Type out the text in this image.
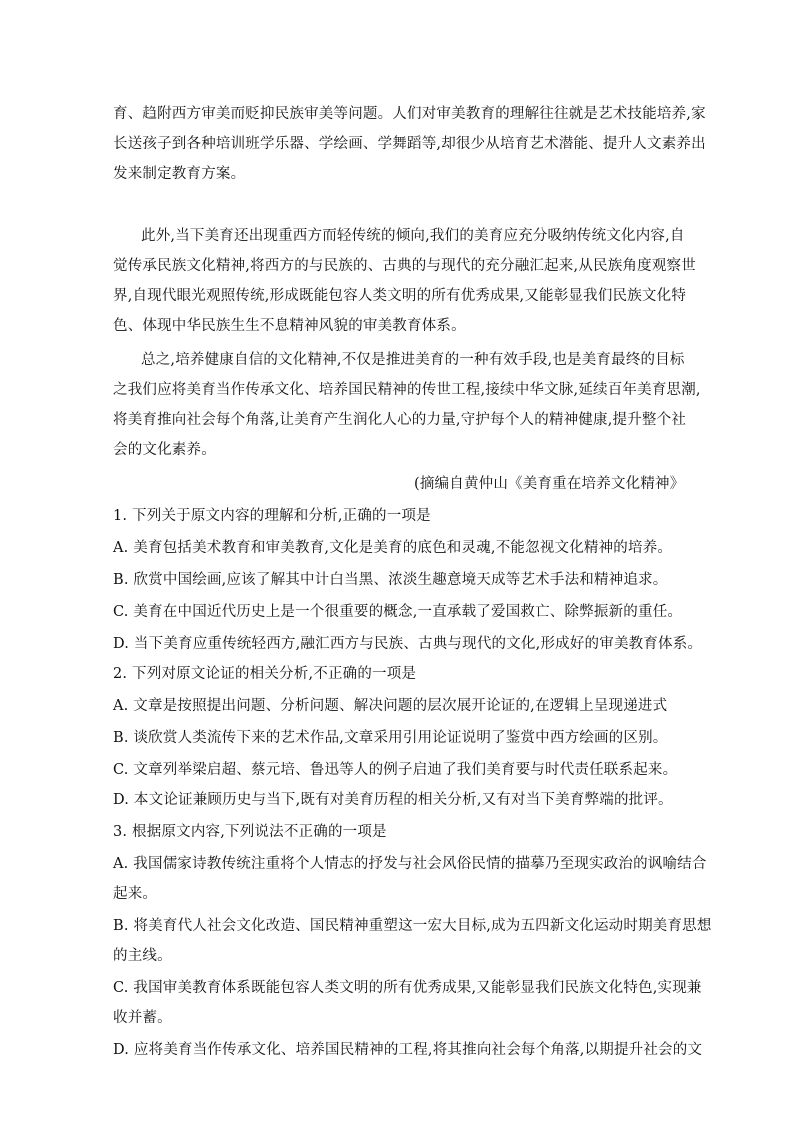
育、趋附西方审美而贬抑民族审美等问题。人们对审美教育的理解往往就是艺术技能培养,家
长送孩子到各种培训班学乐器、学绘画、学舞蹈等,却很少从培育艺术潜能、提升人文素养出
发来制定教育方案。
此外,当下美育还出现重西方而轻传统的倾向,我们的美育应充分吸纳传统文化内容,自
觉传承民族文化精神,将西方的与民族的、古典的与现代的充分融汇起来,从民族角度观察世
界,自现代眼光观照传统,形成既能包容人类文明的所有优秀成果,又能彰显我们民族文化特
色、体现中华民族生生不息精神风貌的审美教育体系。
总之,培养健康自信的文化精神,不仅是推进美育的一种有效手段,也是美育最终的目标
之我们应将美育当作传承文化、培养国民精神的传世工程,接续中华文脉,延续百年美育思潮,
将美育推向社会每个角落,让美育产生润化人心的力量,守护每个人的精神健康,提升整个社
会的文化素养。
(摘编自黄仲山《美育重在培养文化精神》
1. 下列关于原文内容的理解和分析,正确的一项是
A. 美育包括美术教育和审美教育,文化是美育的底色和灵魂,不能忽视文化精神的培养。
B. 欣赏中国绘画,应该了解其中计白当黑、浓淡生趣意境天成等艺术手法和精神追求。
C. 美育在中国近代历史上是一个很重要的概念,一直承载了爱国救亡、除弊振新的重任。
D. 当下美育应重传统轻西方,融汇西方与民族、古典与现代的文化,形成好的审美教育体系。
2. 下列对原文论证的相关分析,不正确的一项是
A. 文章是按照提出问题、分析问题、解决问题的层次展开论证的,在逻辑上呈现递进式
B. 谈欣赏人类流传下来的艺术作品,文章采用引用论证说明了鉴赏中西方绘画的区别。
C. 文章列举梁启超、蔡元培、鲁迅等人的例子启迪了我们美育要与时代责任联系起来。
D. 本文论证兼顾历史与当下,既有对美育历程的相关分析,又有对当下美育弊端的批评。
3. 根据原文内容,下列说法不正确的一项是
A. 我国儒家诗教传统注重将个人情志的抒发与社会风俗民情的描摹乃至现实政治的讽喻结合
起来。
B. 将美育代人社会文化改造、国民精神重塑这一宏大目标,成为五四新文化运动时期美育思想
的主线。
C. 我国审美教育体系既能包容人类文明的所有优秀成果,又能彰显我们民族文化特色,实现兼
收并蓄。
D. 应将美育当作传承文化、培养国民精神的工程,将其推向社会每个角落,以期提升社会的文
